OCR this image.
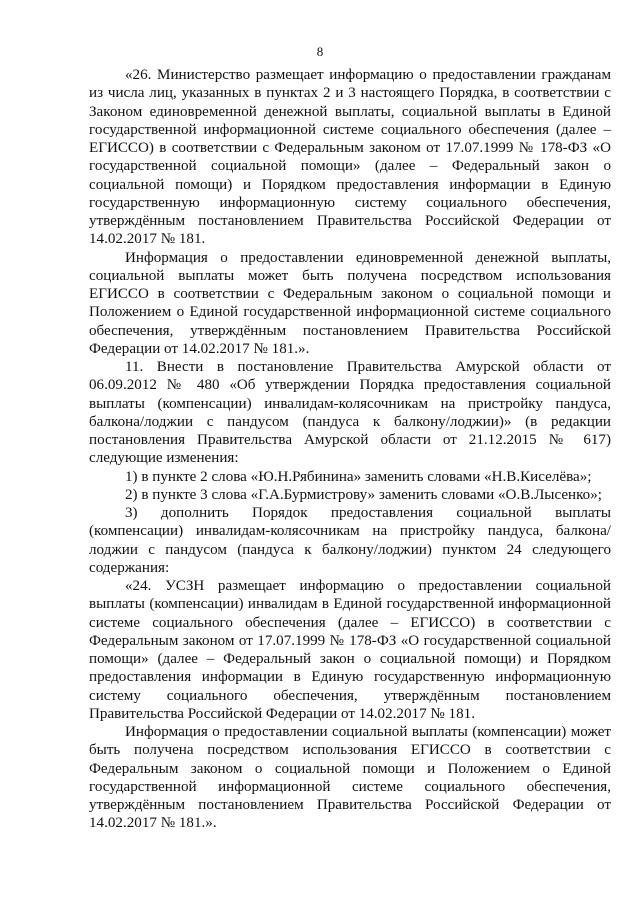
8

«26. Министерство размещает информацию о предоставлении гражданам из числа лиц, указанных в пунктах 2 и 3 настоящего Порядка, в соответствии с Законом единовременной денежной выплаты, социальной выплаты в Единой государственной информационной системе социального обеспечения (далее – ЕГИССО) в соответствии с Федеральным законом от 17.07.1999 № 178-ФЗ «О государственной социальной помощи» (далее – Федеральный закон о социальной помощи) и Порядком предоставления информации в Единую государственную информационную систему социального обеспечения, утверждённым постановлением Правительства Российской Федерации от 14.02.2017 № 181.

Информация о предоставлении единовременной денежной выплаты, социальной выплаты может быть получена посредством использования ЕГИССО в соответствии с Федеральным законом о социальной помощи и Положением о Единой государственной информационной системе социального обеспечения, утверждённым постановлением Правительства Российской Федерации от 14.02.2017 № 181.».

11. Внести в постановление Правительства Амурской области от 06.09.2012 № 480 «Об утверждении Порядка предоставления социальной выплаты (компенсации) инвалидам-колясочникам на пристройку пандуса, балкона/лоджии с пандусом (пандуса к балкону/лоджии)» (в редакции постановления Правительства Амурской области от 21.12.2015 № 617) следующие изменения:

1) в пункте 2 слова «Ю.Н.Рябинина» заменить словами «Н.В.Киселёва»;

2) в пункте 3 слова «Г.А.Бурмистрову» заменить словами «О.В.Лысенко»;

3) дополнить Порядок предоставления социальной выплаты (компенсации) инвалидам-колясочникам на пристройку пандуса, балкона/лоджии с пандусом (пандуса к балкону/лоджии) пунктом 24 следующего содержания:

«24. УСЗН размещает информацию о предоставлении социальной выплаты (компенсации) инвалидам в Единой государственной информационной системе социального обеспечения (далее – ЕГИССО) в соответствии с Федеральным законом от 17.07.1999 № 178-ФЗ «О государственной социальной помощи» (далее – Федеральный закон о социальной помощи) и Порядком предоставления информации в Единую государственную информационную систему социального обеспечения, утверждённым постановлением Правительства Российской Федерации от 14.02.2017 № 181.

Информация о предоставлении социальной выплаты (компенсации) может быть получена посредством использования ЕГИССО в соответствии с Федеральным законом о социальной помощи и Положением о Единой государственной информационной системе социального обеспечения, утверждённым постановлением Правительства Российской Федерации от 14.02.2017 № 181.».
